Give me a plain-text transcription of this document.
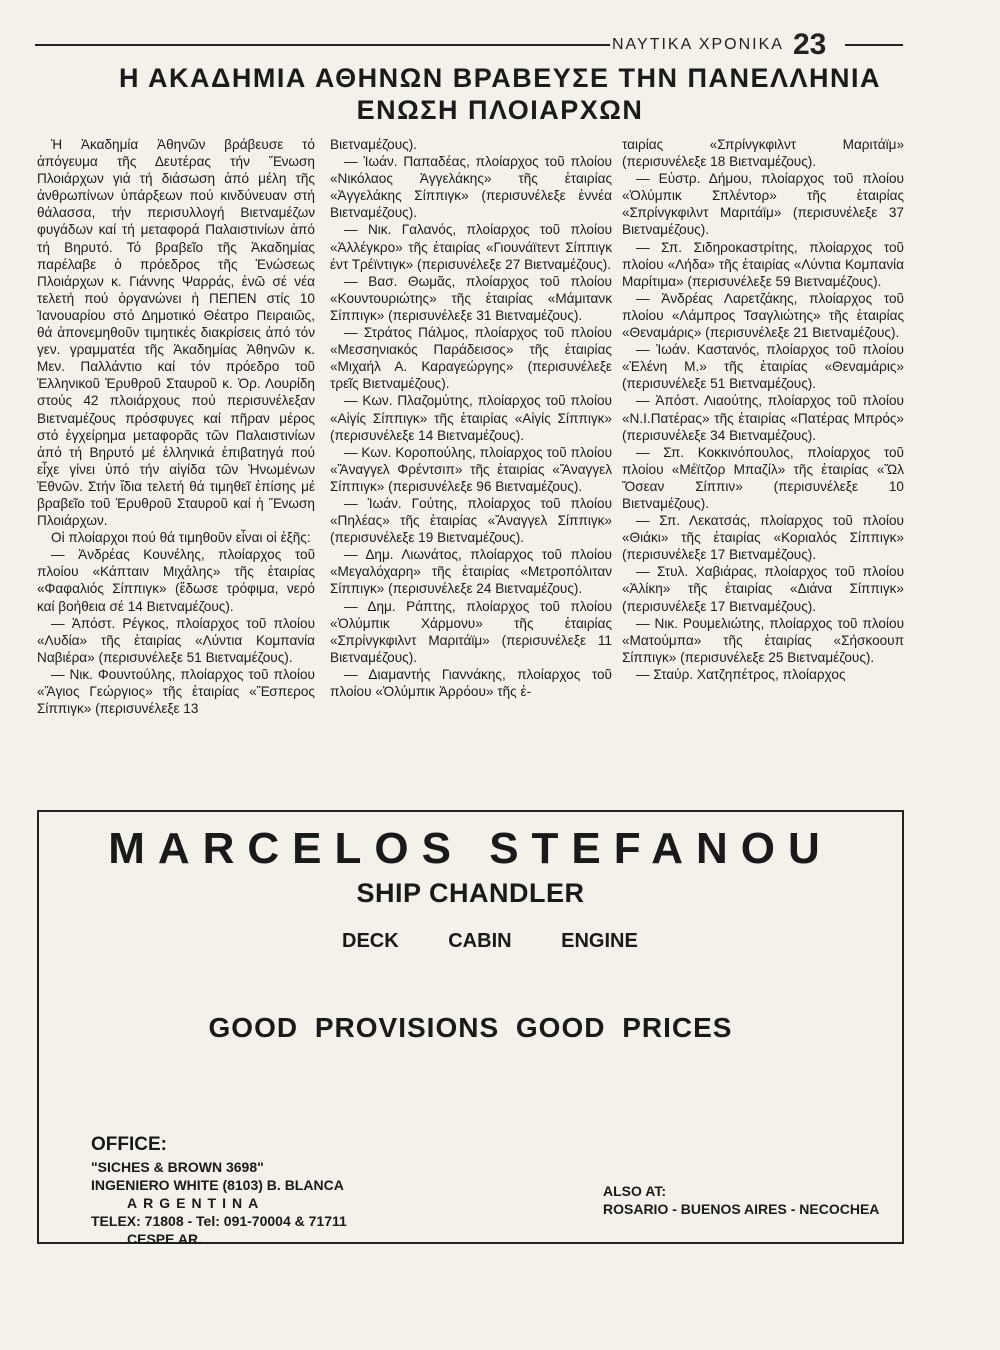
ΝΑΥΤΙΚΑ ΧΡΟΝΙΚΑ 23
Η ΑΚΑΔΗΜΙΑ ΑΘΗΝΩΝ ΒΡΑΒΕΥΣΕ ΤΗΝ ΠΑΝΕΛΛΗΝΙΑ
ΕΝΩΣΗ ΠΛΟΙΑΡΧΩΝ

Ἡ Ἀκαδημία Ἀθηνῶν βράβευσε τό ἀπόγευμα τῆς Δευτέρας τήν Ἕνωση Πλοιάρχων γιά τή διάσωση ἀπό μέλη τῆς ἀνθρωπίνων ὑπάρξεων πού κινδύνευαν στή θάλασσα, τήν περισυλλογή Βιετναμέζων φυγάδων καί τή μεταφορά Παλαιστινίων ἀπό τή Βηρυτό. Τό βραβεῖο τῆς Ἀκαδημίας παρέλαβε ὁ πρόεδρος τῆς Ἑνώσεως Πλοιάρχων κ. Γιάννης Ψαρράς, ἐνῶ σέ νέα τελετή πού ὀργανώνει ἡ ΠΕΠΕΝ στίς 10 Ἰανουαρίου στό Δημοτικό Θέατρο Πειραιῶς, θά ἀπονεμηθοῦν τιμητικές διακρίσεις ἀπό τόν γεν. γραμματέα τῆς Ἀκαδημίας Ἀθηνῶν κ. Μεν. Παλλάντιο καί τόν πρόεδρο τοῦ Ἑλληνικοῦ Ἐρυθροῦ Σταυροῦ κ. Ὀρ. Λουρίδη στούς 42 πλοιάρχους πού περισυνέλεξαν Βιετναμέζους πρόσφυγες καί πῆραν μέρος στό ἐγχείρημα μεταφορᾶς τῶν Παλαιστινίων ἀπό τή Βηρυτό μέ ἑλληνικά ἐπιβατηγά πού εἶχε γίνει ὑπό τήν αἰγίδα τῶν Ἡνωμένων Ἐθνῶν. Στήν ἴδια τελετή θά τιμηθεῖ ἐπίσης μέ βραβεῖο τοῦ Ἐρυθροῦ Σταυροῦ καί ἡ Ἕνωση Πλοιάρχων.

Οἱ πλοίαρχοι πού θά τιμηθοῦν εἶναι οἱ ἑξῆς:

— Ἀνδρέας Κουνέλης, πλοίαρχος τοῦ πλοίου «Κάπταιν Μιχάλης» τῆς ἑταιρίας «Φαφαλιός Σίππιγκ» (ἔδωσε τρόφιμα, νερό καί βοήθεια σέ 14 Βιετναμέζους).

— Ἀπόστ. Ρέγκος, πλοίαρχος τοῦ πλοίου «Λυδία» τῆς ἑταιρίας «Λύντια Κομπανία Ναβιέρα» (περισυνέλεξε 51 Βιετναμέζους).

— Νικ. Φουντούλης, πλοίαρχος τοῦ πλοίου «Ἅγιος Γεώργιος» τῆς ἑταιρίας «Ἕσπερος Σίππιγκ» (περισυνέλεξε 13

Βιετναμέζους).

— Ἰωάν. Παπαδέας, πλοίαρχος τοῦ πλοίου «Νικόλαος Ἀγγελάκης» τῆς ἑταιρίας «Ἀγγελάκης Σίππιγκ» (περισυνέλεξε ἐννέα Βιετναμέζους).

— Νικ. Γαλανός, πλοίαρχος τοῦ πλοίου «Ἀλλέγκρο» τῆς ἑταιρίας «Γιουνάϊτεντ Σίππιγκ έντ Τρέϊντιγκ» (περισυνέλεξε 27 Βιετναμέζους).

— Βασ. Θωμᾶς, πλοίαρχος τοῦ πλοίου «Κουντουριώτης» τῆς ἑταιρίας «Μάμιτανκ Σίππιγκ» (περισυνέλεξε 31 Βιετναμέζους).

— Στράτος Πάλμος, πλοίαρχος τοῦ πλοίου «Μεσσηνιακός Παράδεισος» τῆς ἑταιρίας «Μιχαήλ Α. Καραγεώργης» (περισυνέλεξε τρεῖς Βιετναμέζους).

— Κων. Πλαζομύτης, πλοίαρχος τοῦ πλοίου «Αἰγίς Σίππιγκ» τῆς ἑταιρίας «Αἰγίς Σίππιγκ» (περισυνέλεξε 14 Βιετναμέζους).

— Κων. Κοροπούλης, πλοίαρχος τοῦ πλοίου «Ἄναγγελ Φρέντσιπ» τῆς ἑταιρίας «Ἄναγγελ Σίππιγκ» (περισυνέλεξε 96 Βιετναμέζους).

— Ἰωάν. Γούτης, πλοίαρχος τοῦ πλοίου «Πηλέας» τῆς ἑταιρίας «Ἄναγγελ Σίππιγκ» (περισυνέλεξε 19 Βιετναμέζους).

— Δημ. Λιωνάτος, πλοίαρχος τοῦ πλοίου «Μεγαλόχαρη» τῆς ἑταιρίας «Μετροπόλιταν Σίππιγκ» (περισυνέλεξε 24 Βιετναμέζους).

— Δημ. Ράπτης, πλοίαρχος τοῦ πλοίου «Ὀλύμπικ Χάρμονυ» τῆς ἑταιρίας «Σπρίνγκφιλντ Μαριτάϊμ» (περισυνέλεξε 11 Βιετναμέζους).

— Διαμαντής Γιαννάκης, πλοίαρχος τοῦ πλοίου «Ὀλύμπικ Ἀρρόου» τῆς ἑ-

ταιρίας «Σπρίνγκφιλντ Μαριτάϊμ» (περισυνέλεξε 18 Βιετναμέζους).

— Εὐστρ. Δήμου, πλοίαρχος τοῦ πλοίου «Ὀλύμπικ Σπλέντορ» τῆς ἑταιρίας «Σπρίνγκφιλντ Μαριτάϊμ» (περισυνέλεξε 37 Βιετναμέζους).

— Σπ. Σιδηροκαστρίτης, πλοίαρχος τοῦ πλοίου «Λήδα» τῆς ἑταιρίας «Λύντια Κομπανία Μαρίτιμα» (περισυνέλεξε 59 Βιετναμέζους).

— Ἀνδρέας Λαρετζάκης, πλοίαρχος τοῦ πλοίου «Λάμπρος Τσαγλιώτης» τῆς ἑταιρίας «Θεναμάρις» (περισυνέλεξε 21 Βιετναμέζους).

— Ἰωάν. Καστανός, πλοίαρχος τοῦ πλοίου «Ἑλένη Μ.» τῆς ἑταιρίας «Θεναμάρις» (περισυνέλεξε 51 Βιετναμέζους).

— Ἀπόστ. Λιαούτης, πλοίαρχος τοῦ πλοίου «Ν.Ι.Πατέρας» τῆς ἑταιρίας «Πατέρας Μπρός» (περισυνέλεξε 34 Βιετναμέζους).

— Σπ. Κοκκινόπουλος, πλοίαρχος τοῦ πλοίου «Μέϊτζορ Μπαζίλ» τῆς ἑταιρίας «Ὤλ Ὄσεαν Σίππιν» (περισυνέλεξε 10 Βιετναμέζους).

— Σπ. Λεκατσάς, πλοίαρχος τοῦ πλοίου «Θιάκι» τῆς ἑταιρίας «Κοριαλός Σίππιγκ» (περισυνέλεξε 17 Βιετναμέζους).

— Στυλ. Χαβιάρας, πλοίαρχος τοῦ πλοίου «Ἀλίκη» τῆς ἑταιρίας «Διάνα Σίππιγκ» (περισυνέλεξε 17 Βιετναμέζους).

— Νικ. Ρουμελιώτης, πλοίαρχος τοῦ πλοίου «Ματούμπα» τῆς ἑταιρίας «Σήσκοουπ Σίππιγκ» (περισυνέλεξε 25 Βιετναμέζους).

— Σταύρ. Χατζηπέτρος, πλοίαρχος

MARCELOS STEFANOU
SHIP CHANDLER
DECK CABIN ENGINE
GOOD PROVISIONS GOOD PRICES
OFFICE:
"SICHES & BROWN 3698"
INGENIERO WHITE (8103) B. BLANCA
ARGENTINA
TELEX: 71808 - Tel: 091-70004 & 71711
CESPE AR.
ALSO AT:
ROSARIO - BUENOS AIRES - NECOCHEA
